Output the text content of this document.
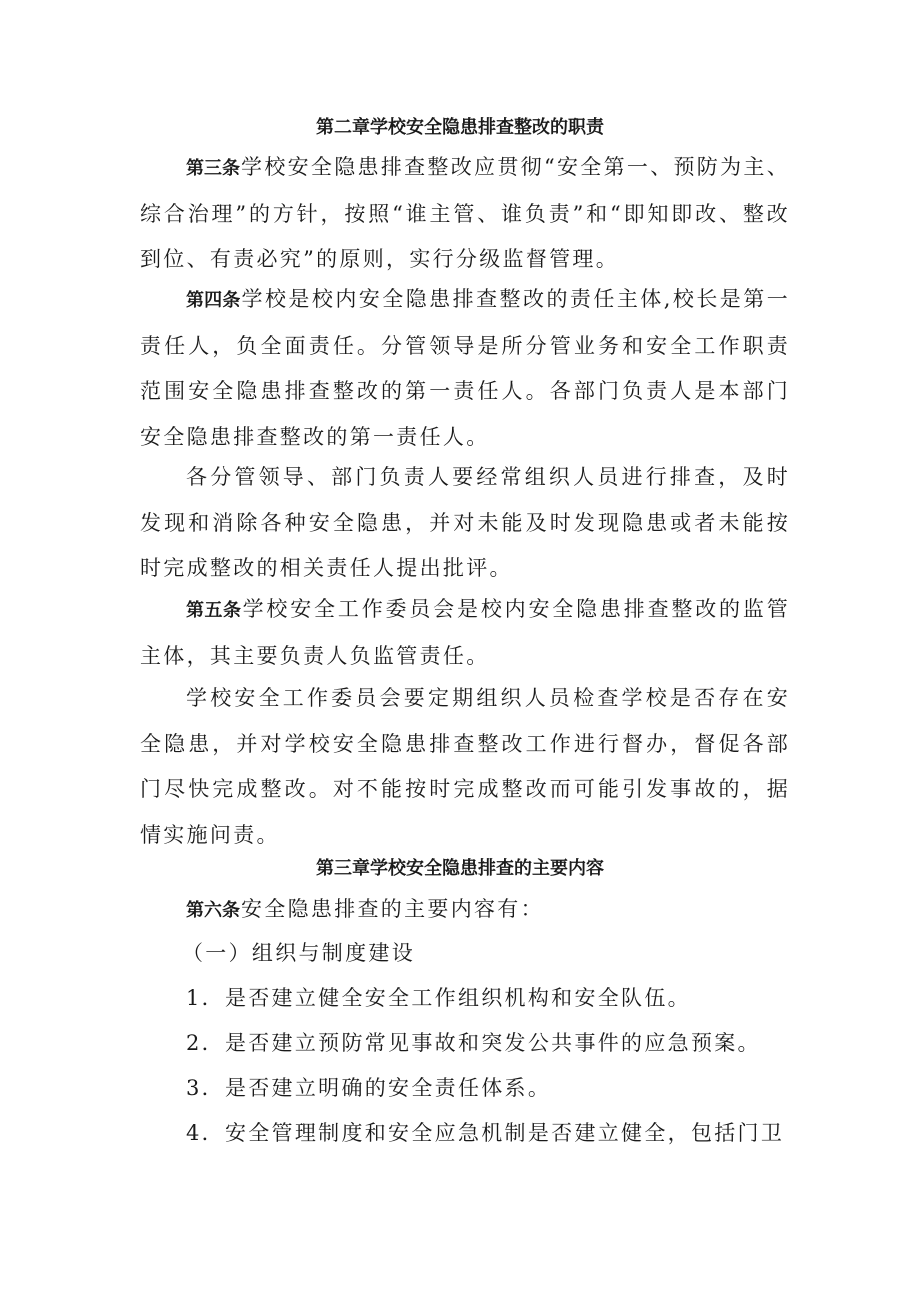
第二章学校安全隐患排查整改的职责
第三条学校安全隐患排查整改应贯彻“安全第一、预防为主、综合治理”的方针，按照“谁主管、谁负责”和“即知即改、整改到位、有责必究”的原则，实行分级监督管理。
第四条学校是校内安全隐患排查整改的责任主体,校长是第一责任人，负全面责任。分管领导是所分管业务和安全工作职责范围安全隐患排查整改的第一责任人。各部门负责人是本部门安全隐患排查整改的第一责任人。
各分管领导、部门负责人要经常组织人员进行排查，及时发现和消除各种安全隐患，并对未能及时发现隐患或者未能按时完成整改的相关责任人提出批评。
第五条学校安全工作委员会是校内安全隐患排查整改的监管主体，其主要负责人负监管责任。
学校安全工作委员会要定期组织人员检查学校是否存在安全隐患，并对学校安全隐患排查整改工作进行督办，督促各部门尽快完成整改。对不能按时完成整改而可能引发事故的，据情实施问责。
第三章学校安全隐患排查的主要内容
第六条安全隐患排查的主要内容有：
（一）组织与制度建设
1．是否建立健全安全工作组织机构和安全队伍。
2．是否建立预防常见事故和突发公共事件的应急预案。
3．是否建立明确的安全责任体系。
4．安全管理制度和安全应急机制是否建立健全，包括门卫
